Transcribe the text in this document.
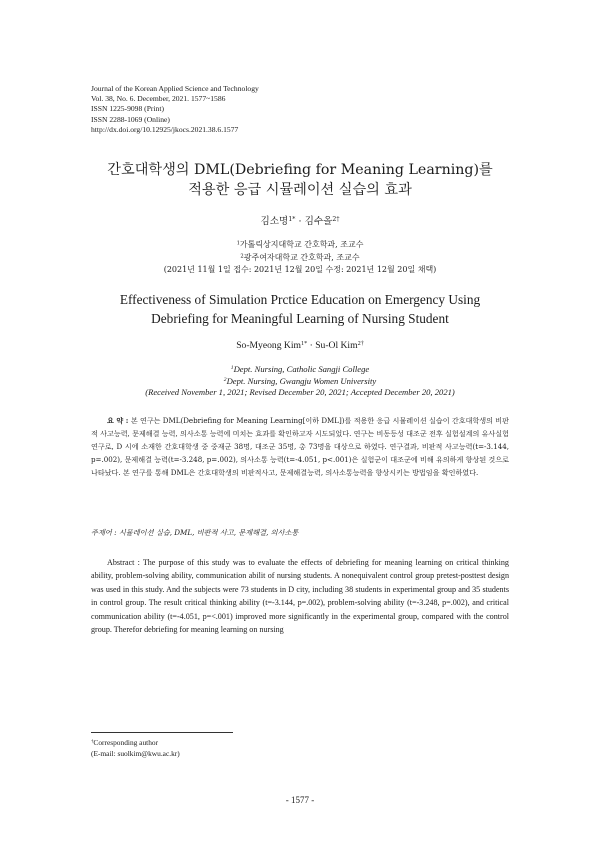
Journal of the Korean Applied Science and Technology
Vol. 38, No. 6. December, 2021. 1577~1586
ISSN 1225-9098 (Print)
ISSN 2288-1069 (Online)
http://dx.doi.org/10.12925/jkocs.2021.38.6.1577
간호대학생의 DML(Debriefing for Meaning Learning)를
적용한 응급 시뮬레이션 실습의 효과
김소명$^{1*}$ · 김수올$^{2\dagger}$
$^1$가톨릭상지대학교 간호학과, 조교수
$^2$광주여자대학교 간호학과, 조교수
(2021년 11월 1일 접수: 2021년 12월 20일 수정: 2021년 12월 20일 채택)
Effectiveness of Simulation Prctice Education on Emergency Using
Debriefing for Meaningful Learning of Nursing Student
So-Myeong Kim$^{1*}$ · Su-Ol Kim$^{2\dagger}$
$^1$Dept. Nursing, Catholic Sangji College
$^2$Dept. Nursing, Gwangju Women University
(Received November 1, 2021; Revised December 20, 2021; Accepted December 20, 2021)
요 약 : 본 연구는 DML(Debriefing for Meaning Learning[이하 DML])를 적용한 응급 시뮬레이션 실습이 간호대학생의 비판적 사고능력, 문제해결 능력, 의사소통 능력에 미치는 효과를 확인하고자 시도되었다. 연구는 비동등성 대조군 전후 실험설계의 유사실험연구로, D 시에 소재한 간호대학생 중 중재군 38명, 대조군 35명, 총 73명을 대상으로 하였다. 연구결과, 비판적 사고능력(t=-3.144, p=.002), 문제해결 능력(t=-3.248, p=.002), 의사소통 능력(t=-4.051, p<.001)은 실험군이 대조군에 비해 유의하게 향상된 것으로 나타났다. 본 연구를 통해 DML은 간호대학생의 비판적사고, 문제해결능력, 의사소통능력을 향상시키는 방법임을 확인하였다.
주제어 : 시뮬레이션 실습, DML, 비판적 사고, 문제해결, 의사소통
Abstract : The purpose of this study was to evaluate the effects of debriefing for meaning learning on critical thinking ability, problem-solving ability, communication abilit of nursing students. A nonequivalent control group pretest-posttest design was used in this study. And the subjects were 73 students in D city, including 38 students in experimental group and 35 students in control group. The result critical thinking ability (t=-3.144, p=.002), problem-solving ability (t=-3.248, p=.002), and critical communication ability (t=-4.051, p=<.001) improved more significantly in the experimental group, compared with the control group. Therefor debriefing for meaning learning on nursing
†Corresponding author
(E-mail: suolkim@kwu.ac.kr)
- 1577 -
